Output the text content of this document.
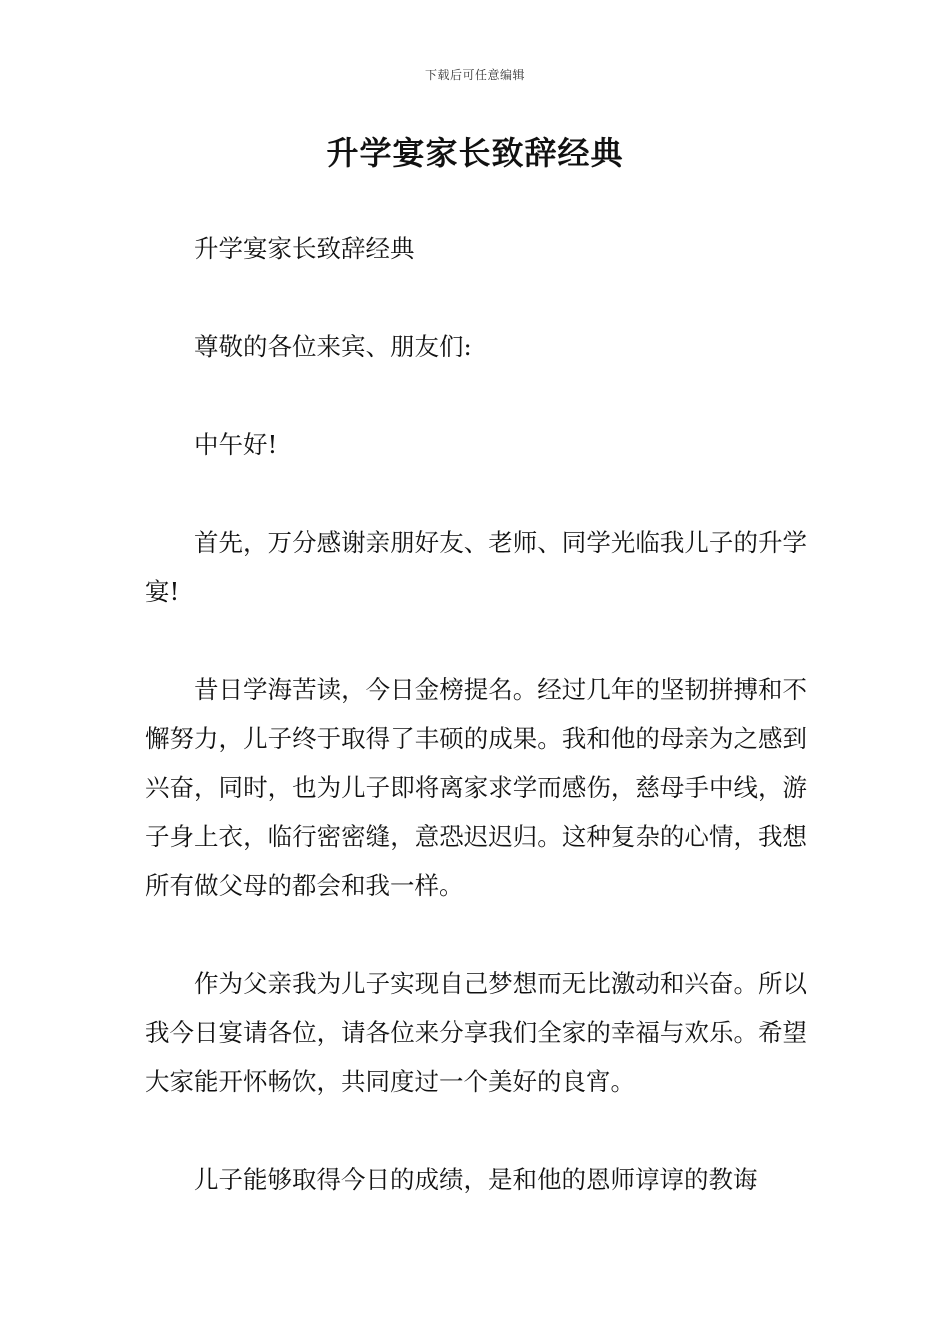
下载后可任意编辑
升学宴家长致辞经典

升学宴家长致辞经典

尊敬的各位来宾、朋友们:

中午好!

首先，万分感谢亲朋好友、老师、同学光临我儿子的升学宴!

昔日学海苦读，今日金榜提名。经过几年的坚韧拼搏和不懈努力，儿子终于取得了丰硕的成果。我和他的母亲为之感到兴奋，同时，也为儿子即将离家求学而感伤，慈母手中线，游子身上衣，临行密密缝，意恐迟迟归。这种复杂的心情，我想所有做父母的都会和我一样。

作为父亲我为儿子实现自己梦想而无比激动和兴奋。所以我今日宴请各位，请各位来分享我们全家的幸福与欢乐。希望大家能开怀畅饮，共同度过一个美好的良宵。

儿子能够取得今日的成绩，是和他的恩师谆谆的教诲
